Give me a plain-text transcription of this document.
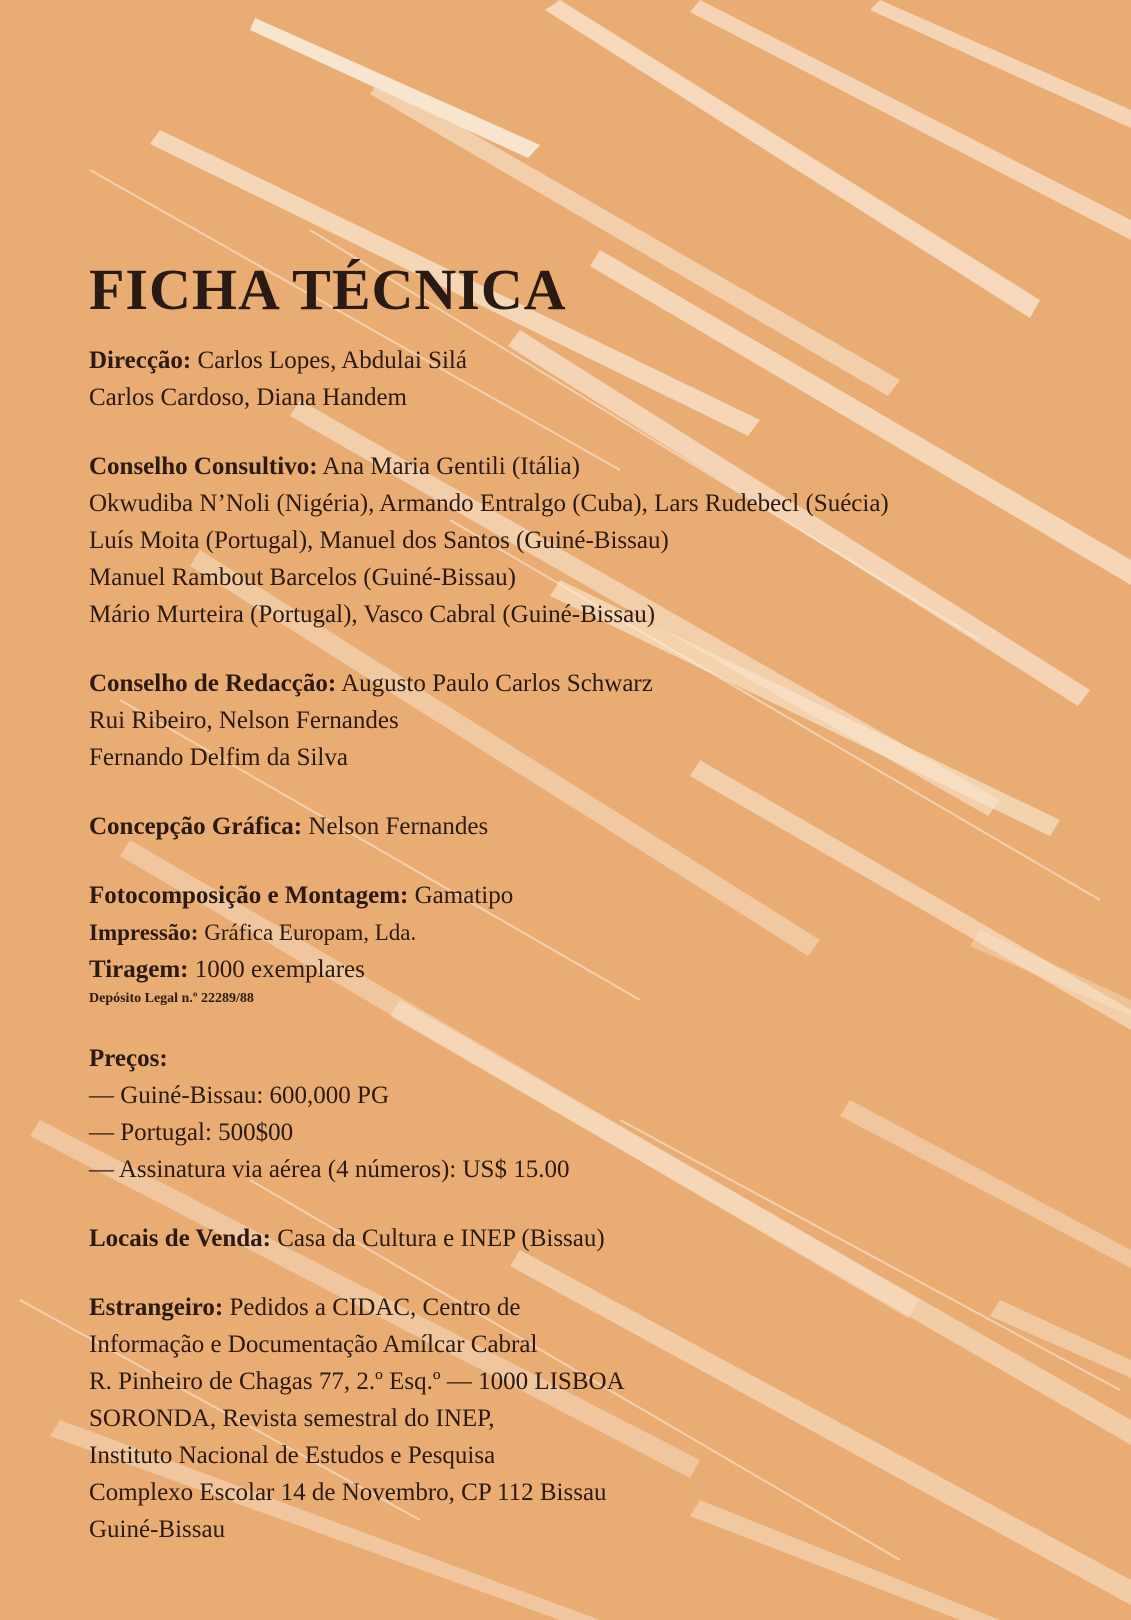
FICHA TÉCNICA
Direcção: Carlos Lopes, Abdulai Silá
Carlos Cardoso, Diana Handem
Conselho Consultivo: Ana Maria Gentili (Itália)
Okwudiba N’Noli (Nigéria), Armando Entralgo (Cuba), Lars Rudebecl (Suécia)
Luís Moita (Portugal), Manuel dos Santos (Guiné-Bissau)
Manuel Rambout Barcelos (Guiné-Bissau)
Mário Murteira (Portugal), Vasco Cabral (Guiné-Bissau)
Conselho de Redacção: Augusto Paulo Carlos Schwarz
Rui Ribeiro, Nelson Fernandes
Fernando Delfim da Silva
Concepção Gráfica: Nelson Fernandes
Fotocomposição e Montagem: Gamatipo
Impressão: Gráfica Europam, Lda.
Tiragem: 1000 exemplares
Depósito Legal n.º 22289/88
Preços:
— Guiné-Bissau: 600,000 PG
— Portugal: 500$00
— Assinatura via aérea (4 números): US$ 15.00
Locais de Venda: Casa da Cultura e INEP (Bissau)
Estrangeiro: Pedidos a CIDAC, Centro de
Informação e Documentação Amílcar Cabral
R. Pinheiro de Chagas 77, 2.º Esq.º — 1000 LISBOA
SORONDA, Revista semestral do INEP,
Instituto Nacional de Estudos e Pesquisa
Complexo Escolar 14 de Novembro, CP 112 Bissau
Guiné-Bissau
